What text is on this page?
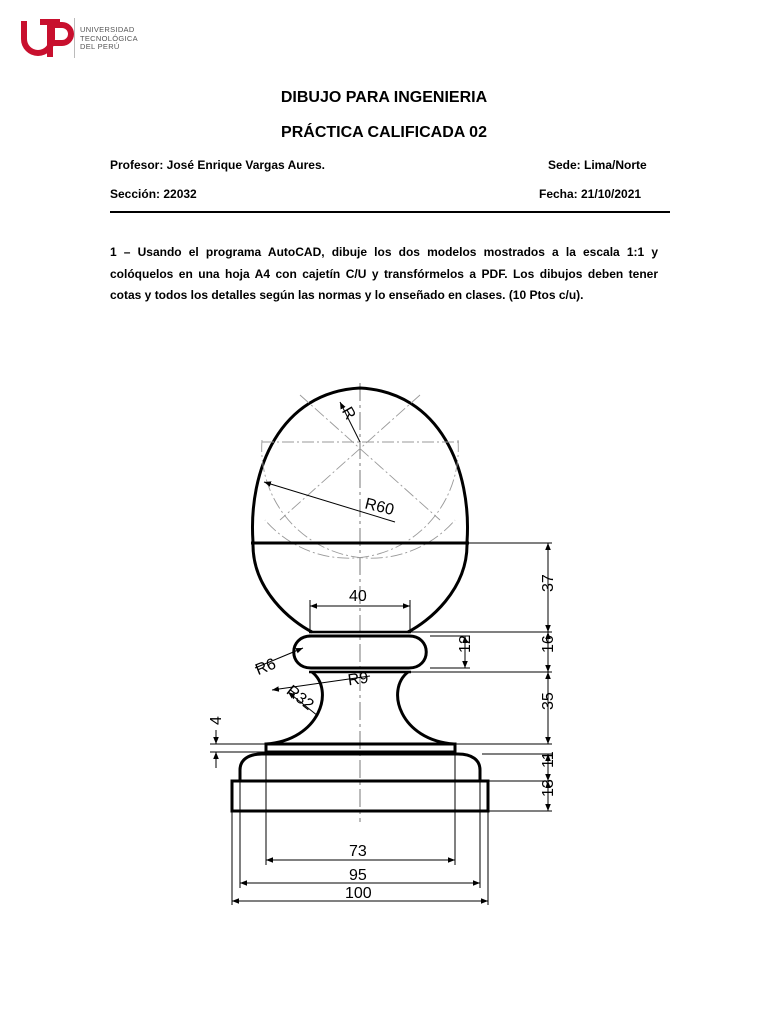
UNIVERSIDAD
TECNOLÓGICA
DEL PERÚ
DIBUJO PARA INGENIERIA
PRÁCTICA CALIFICADA 02
Profesor: José Enrique Vargas Aures.	Sede: Lima/Norte
Sección: 22032	Fecha: 21/10/2021
1 – Usando el programa AutoCAD, dibuje los dos modelos mostrados a la escala 1:1 y colóquelos en una hoja A4 con cajetín C/U y transfórmelos a PDF. Los dibujos deben tener cotas y todos los detalles según las normas y lo enseñado en clases. (10 Ptos c/u).
R
R60
40
R6
R9
R32
37
12	16
35
11
13
4
73
95
100
